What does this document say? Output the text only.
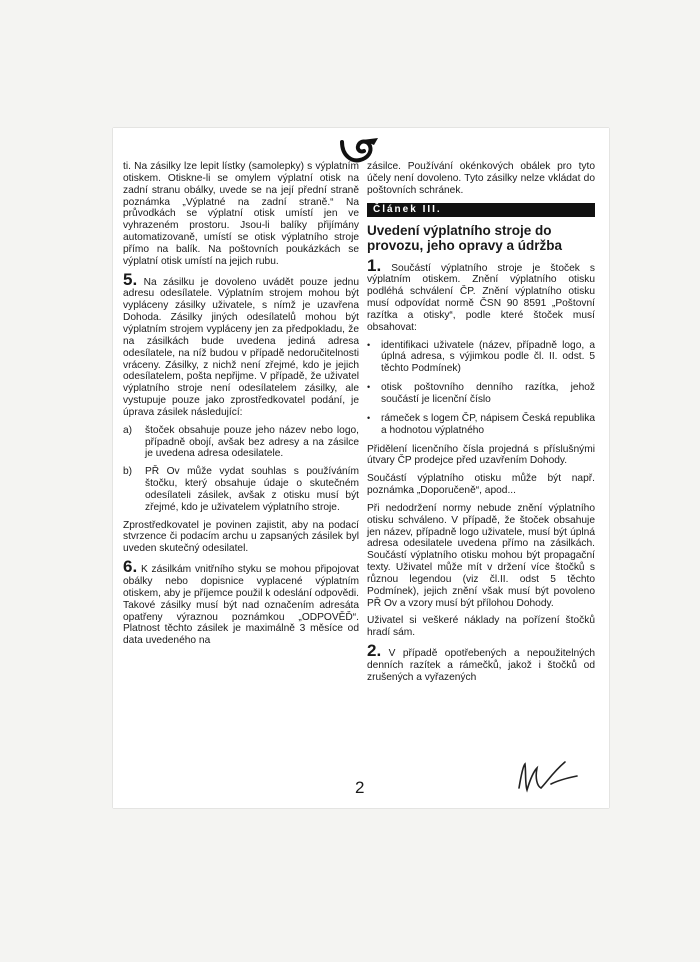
ti. Na zásilky lze lepit lístky (samolepky) s výplatním otiskem. Otiskne-li se omylem výplatní otisk na zadní stranu obálky, uvede se na její přední straně poznámka „Výplatné na zadní straně.“ Na průvodkách se výplatní otisk umístí jen ve vyhrazeném prostoru. Jsou-li balíky přijímány automatizovaně, umístí se otisk výplatního stroje přímo na balík. Na poštovních poukázkách se výplatní otisk umístí na jejich rubu.

5. Na zásilku je dovoleno uvádět pouze jednu adresu odesílatele. Výplatním strojem mohou být vypláceny zásilky uživatele, s nímž je uzavřena Dohoda. Zásilky jiných odesílatelů mohou být výplatním strojem vypláceny jen za předpokladu, že na zásilkách bude uvedena jediná adresa odesílatele, na níž budou v případě nedoručitelnosti vráceny. Zásilky, z nichž není zřejmé, kdo je jejich odesílatelem, pošta nepřijme. V případě, že uživatel výplatního stroje není odesílatelem zásilky, ale vystupuje pouze jako zprostředkovatel podání, je úprava zásilek následující:

a)	štoček obsahuje pouze jeho název nebo logo, případně obojí, avšak bez adresy a na zásilce je uvedena adresa odesilatele.
b)	PŘ Ov může vydat souhlas s používáním štočku, který obsahuje údaje o skutečném odesílateli zásilek, avšak z otisku musí být zřejmé, kdo je uživatelem výplatního stroje.

Zprostředkovatel je povinen zajistit, aby na podací stvrzence či podacím archu u zapsaných zásilek byl uveden skutečný odesilatel.

6. K zásilkám vnitřního styku se mohou připojovat obálky nebo dopisnice vyplacené výplatním otiskem, aby je příjemce použil k odeslání odpovědi. Takové zásilky musí být nad označením adresáta opatřeny výraznou poznámkou „ODPOVĚĎ“. Platnost těchto zásilek je maximálně 3 měsíce od data uvedeného na

zásilce. Používání okénkových obálek pro tyto účely není dovoleno. Tyto zásilky nelze vkládat do poštovních schránek.

Článek III.
Uvedení výplatního stroje do provozu, jeho opravy a údržba

1. Součástí výplatního stroje je štoček s výplatním otiskem. Znění výplatního otisku podléhá schválení ČP. Znění výplatního otisku musí odpovídat normě ČSN 90 8591 „Poštovní razítka a otisky“, podle které štoček musí obsahovat:

•	identifikaci uživatele (název, případně logo, a úplná adresa, s výjimkou podle čl. II. odst. 5 těchto Podmínek)
•	otisk poštovního denního razítka, jehož součástí je licenční číslo
•	rámeček s logem ČP, nápisem Česká republika a hodnotou výplatného

Přidělení licenčního čísla projedná s příslušnými útvary ČP prodejce před uzavřením Dohody.

Součástí výplatního otisku může být např. poznámka „Doporučeně“, apod...

Při nedodržení normy nebude znění výplatního otisku schváleno. V případě, že štoček obsahuje jen název, případně logo uživatele, musí být úplná adresa odesilatele uvedena přímo na zásilkách. Součástí výplatního otisku mohou být propagační texty. Uživatel může mít v držení více štočků s různou legendou (viz čl.II. odst 5 těchto Podmínek), jejich znění však musí být povoleno PŘ Ov a vzory musí být přílohou Dohody.

Uživatel si veškeré náklady na pořízení štočků hradí sám.

2. V případě opotřebených a nepoužitelných denních razítek a rámečků, jakož i štočků od zrušených a vyřazených

2
